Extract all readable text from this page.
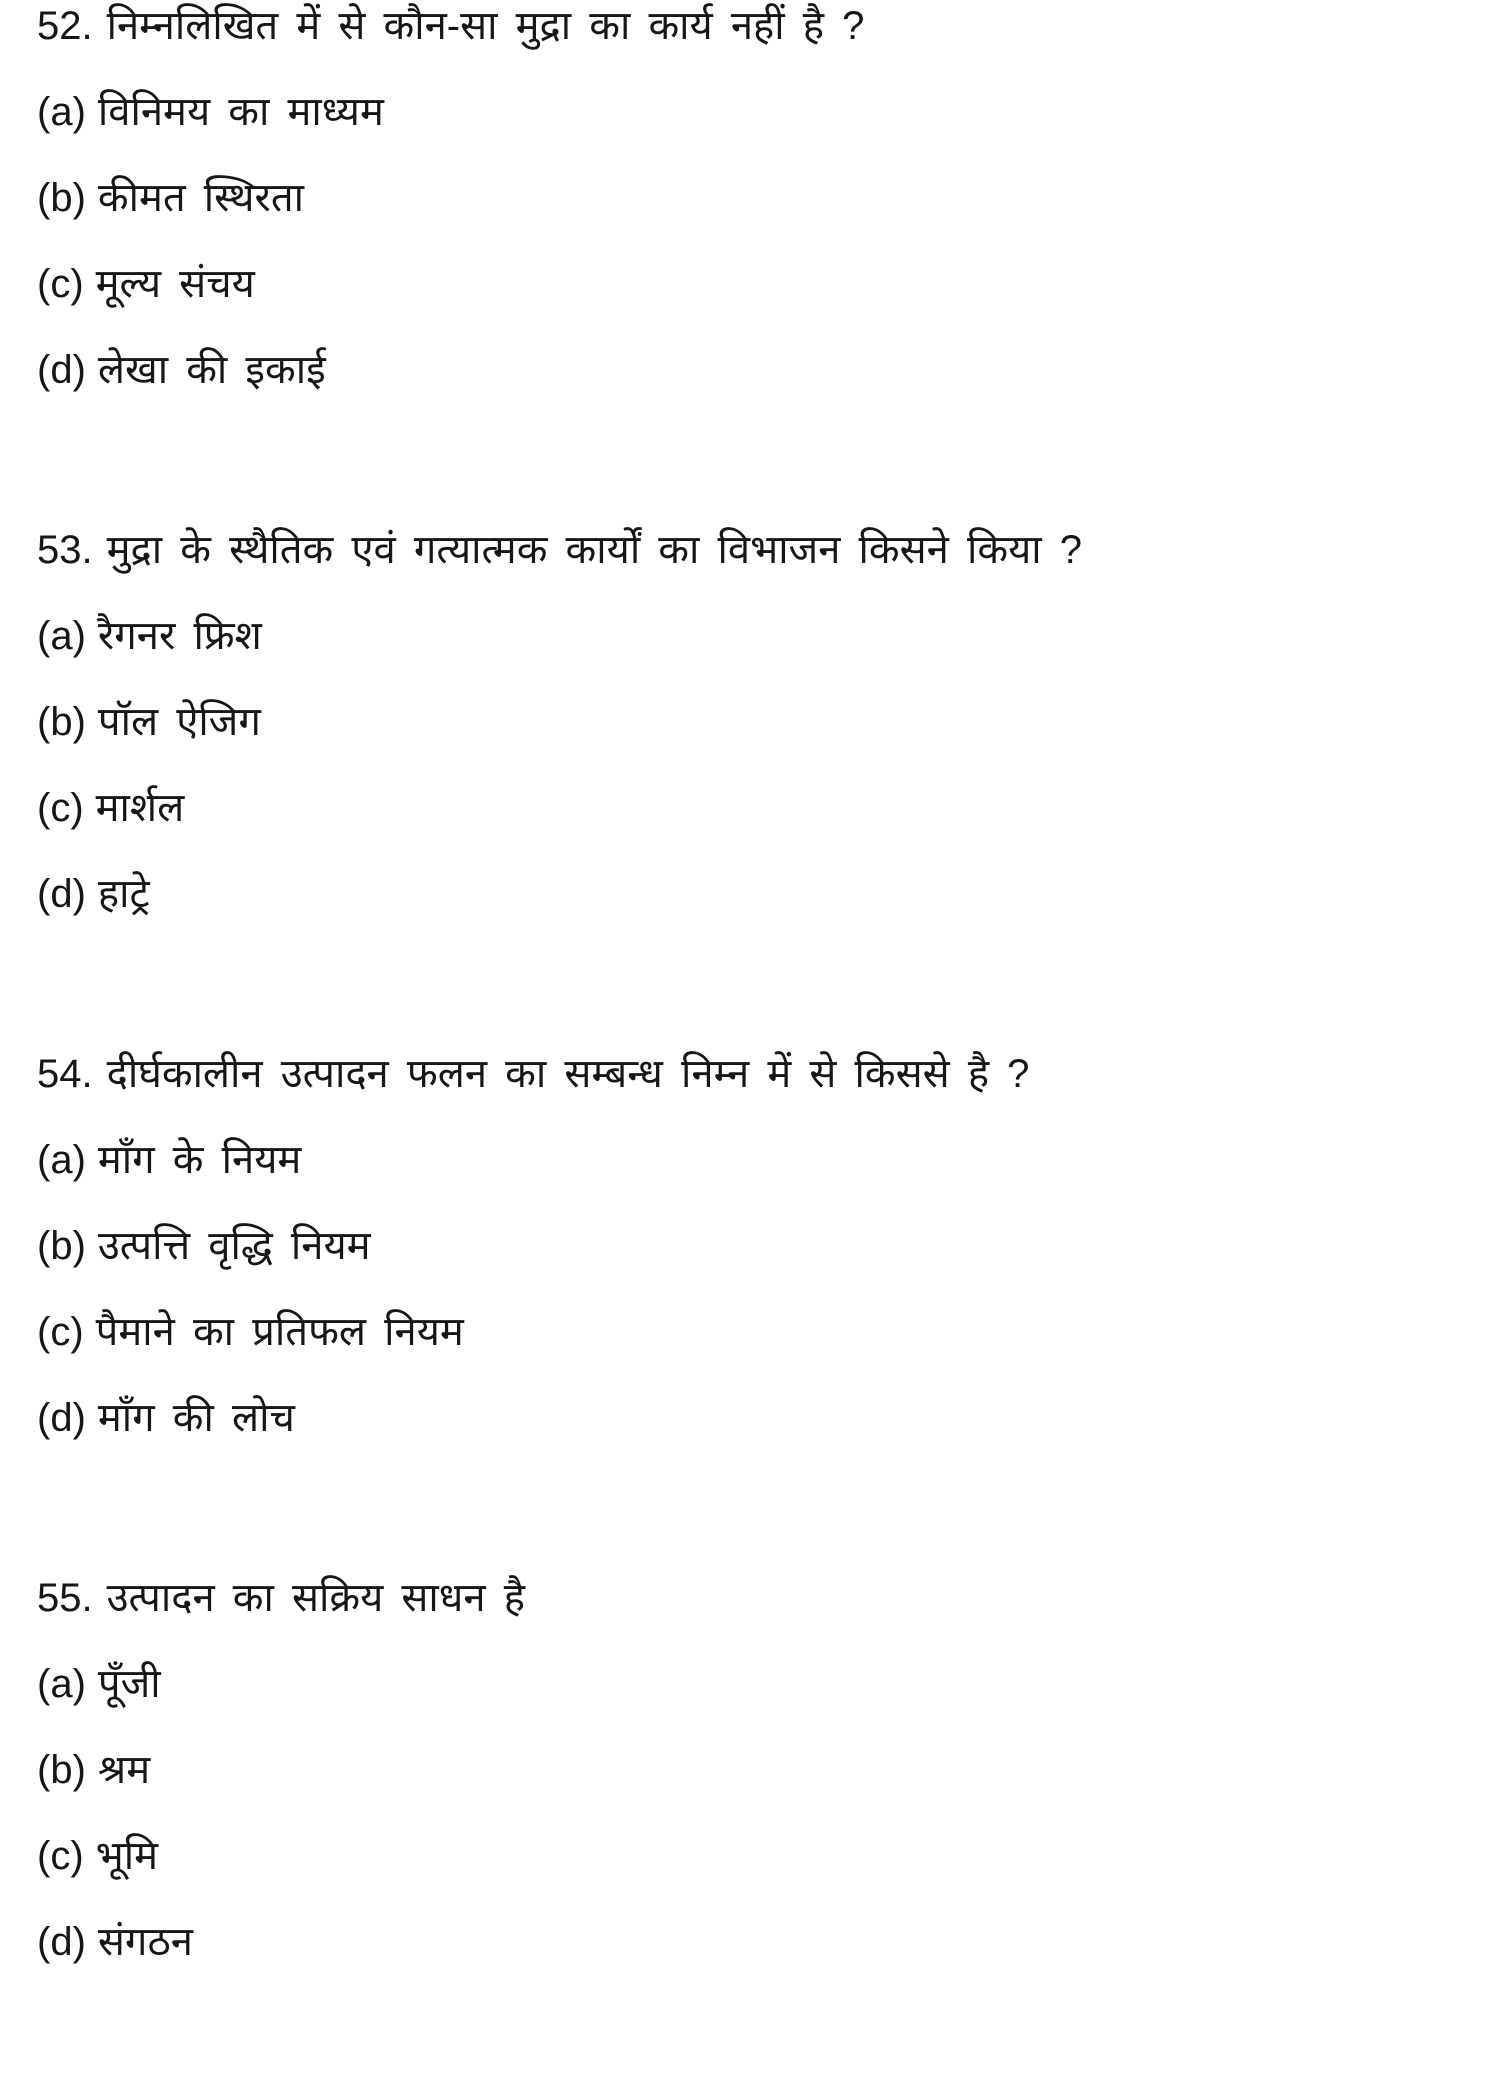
52. निम्नलिखित में से कौन-सा मुद्रा का कार्य नहीं है ?
(a) विनिमय का माध्यम
(b) कीमत स्थिरता
(c) मूल्य संचय
(d) लेखा की इकाई
53. मुद्रा के स्थैतिक एवं गत्यात्मक कार्यों का विभाजन किसने किया ?
(a) रैगनर फ्रिश
(b) पॉल ऐजिग
(c) मार्शल
(d) हाट्रे
54. दीर्घकालीन उत्पादन फलन का सम्बन्ध निम्न में से किससे है ?
(a) माँग के नियम
(b) उत्पत्ति वृद्धि नियम
(c) पैमाने का प्रतिफल नियम
(d) माँग की लोच
55. उत्पादन का सक्रिय साधन है
(a) पूँजी
(b) श्रम
(c) भूमि
(d) संगठन
